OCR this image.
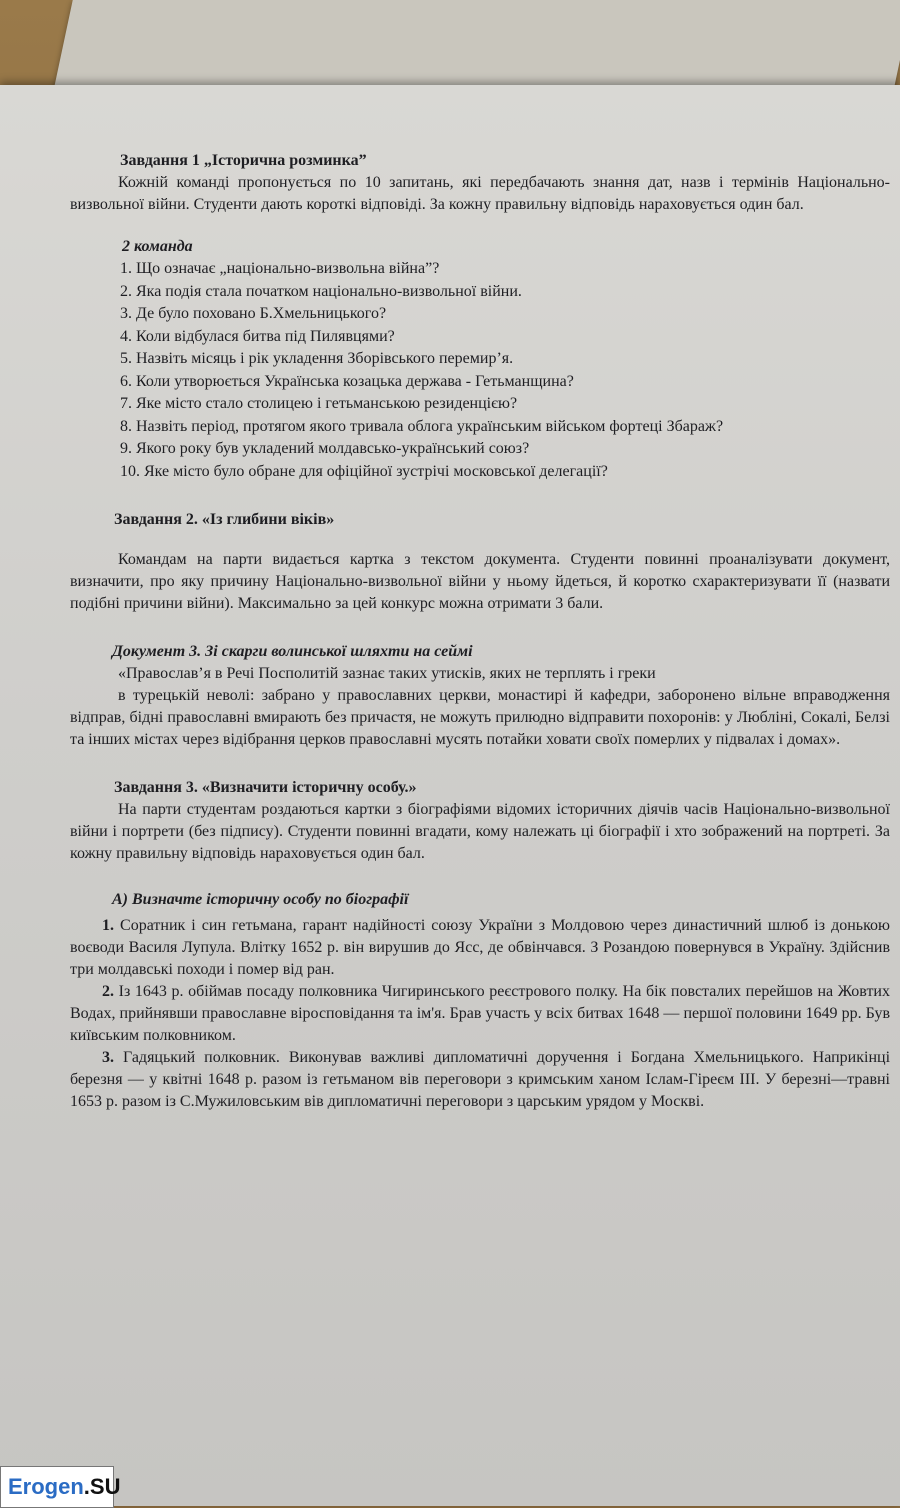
Завдання 1 „Історична розминка”

Кожній команді пропонується по 10 запитань, які передбачають знання дат, назв і термінів Національно-визвольної війни. Студенти дають короткі відповіді. За кожну правильну відповідь нараховується один бал.

2 команда

1. Що означає „національно-визвольна війна”?
2. Яка подія стала початком національно-визвольної війни.
3. Де було поховано Б.Хмельницького?
4. Коли відбулася битва під Пилявцями?
5. Назвіть місяць і рік укладення Зборівського перемир’я.
6. Коли утворюється Українська козацька держава - Гетьманщина?
7. Яке місто стало столицею і гетьманською резиденцією?
8. Назвіть період, протягом якого тривала облога українським військом фортеці Збараж?
9. Якого року був укладений молдавсько-український союз?
10. Яке місто було обране для офіційної зустрічі московської делегації?

Завдання 2. «Із глибини віків»

Командам на парти видається картка з текстом документа. Студенти повинні проаналізувати документ, визначити, про яку причину Національно-визвольної війни у ньому йдеться, й коротко схарактеризувати її (назвати подібні причини війни). Максимально за цей конкурс можна отримати 3 бали.

Документ 3. Зі скарги волинської шляхти на сеймі

«Православ’я в Речі Посполитій зазнає таких утисків, яких не терплять і греки

в турецькій неволі: забрано у православних церкви, монастирі й кафедри, заборонено вільне вправодження відправ, бідні православні вмирають без причастя, не можуть прилюдно відправити похоронів: у Любліні, Сокалі, Белзі та інших містах через відібрання церков православні мусять потайки ховати своїх померлих у підвалах і домах».

Завдання 3. «Визначити історичну особу.»

На парти студентам роздаються картки з біографіями відомих історичних діячів часів Національно-визвольної війни і портрети (без підпису). Студенти повинні вгадати, кому належать ці біографії і хто зображений на портреті. За кожну правильну відповідь нараховується один бал.

А) Визначте історичну особу по біографії

1. Соратник і син гетьмана, гарант надійності союзу України з Молдовою через династичний шлюб із донькою воєводи Василя Лупула. Влітку 1652 р. він вирушив до Ясс, де обвінчався. З Розандою повернувся в Україну. Здійснив три молдавські походи і помер від ран.

2. Із 1643 р. обіймав посаду полковника Чигиринського реєстрового полку. На бік повсталих перейшов на Жовтих Водах, прийнявши православне віросповідання та ім'я. Брав участь у всіх битвах 1648 — першої половини 1649 рр. Був київським полковником.

3. Гадяцький полковник. Виконував важливі дипломатичні доручення і Богдана Хмельницького. Наприкінці березня — у квітні 1648 р. разом із гетьманом вів переговори з кримським ханом Іслам-Гіреєм III. У березні—травні 1653 р. разом із С.Мужиловським вів дипломатичні переговори з царським урядом у Москві.

Erogen .SU
